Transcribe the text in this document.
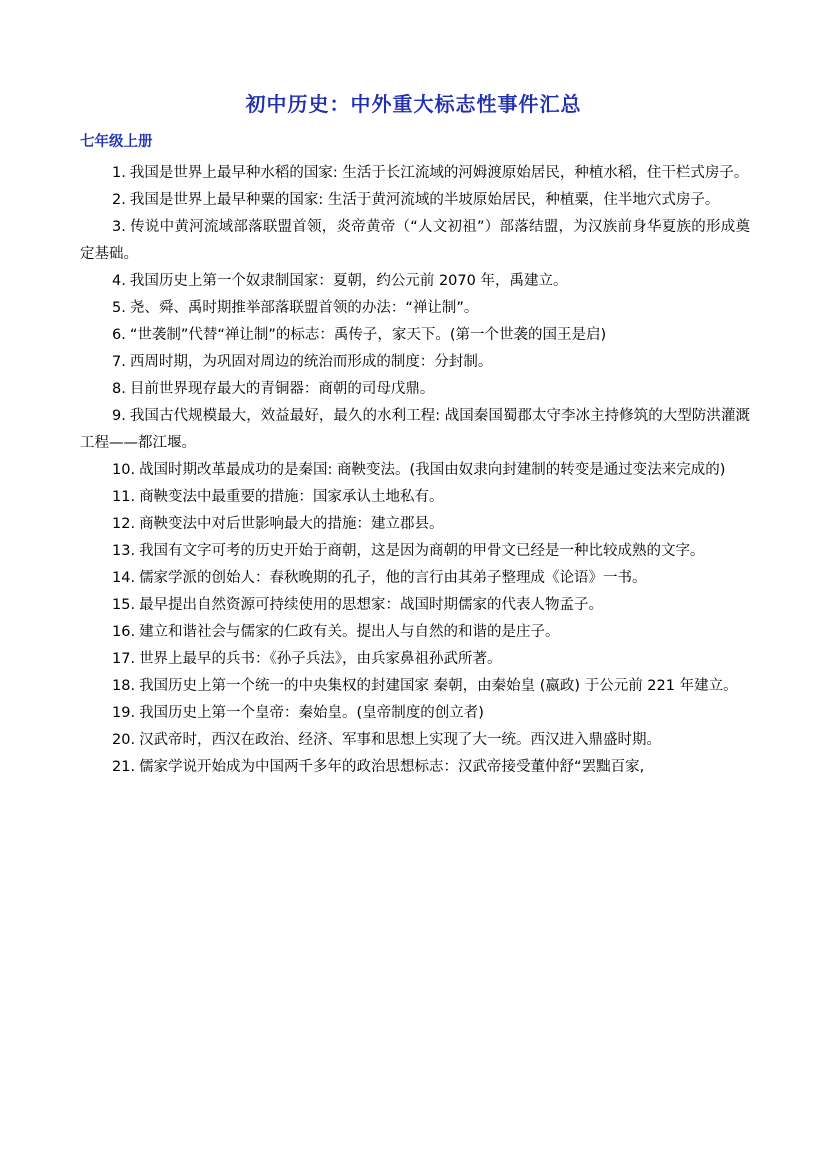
初中历史：中外重大标志性事件汇总
七年级上册

1. 我国是世界上最早种水稻的国家: 生活于长江流域的河姆渡原始居民，种植水稻，住干栏式房子。

2. 我国是世界上最早种粟的国家: 生活于黄河流域的半坡原始居民，种植粟，住半地穴式房子。

3. 传说中黄河流域部落联盟首领，炎帝黄帝（“人文初祖”）部落结盟，为汉族前身华夏族的形成奠定基础。

4. 我国历史上第一个奴隶制国家：夏朝，约公元前 2070 年，禹建立。

5. 尧、舜、禹时期推举部落联盟首领的办法：“禅让制”。

6. “世袭制”代替“禅让制”的标志：禹传子，家天下。(第一个世袭的国王是启)

7. 西周时期，为巩固对周边的统治而形成的制度：分封制。

8. 目前世界现存最大的青铜器：商朝的司母戊鼎。

9. 我国古代规模最大，效益最好，最久的水利工程: 战国秦国蜀郡太守李冰主持修筑的大型防洪灌溉工程——都江堰。

10. 战国时期改革最成功的是秦国: 商鞅变法。(我国由奴隶向封建制的转变是通过变法来完成的)

11. 商鞅变法中最重要的措施：国家承认土地私有。

12. 商鞅变法中对后世影响最大的措施：建立郡县。

13. 我国有文字可考的历史开始于商朝，这是因为商朝的甲骨文已经是一种比较成熟的文字。

14. 儒家学派的创始人：春秋晚期的孔子，他的言行由其弟子整理成《论语》一书。

15. 最早提出自然资源可持续使用的思想家：战国时期儒家的代表人物孟子。

16. 建立和谐社会与儒家的仁政有关。提出人与自然的和谐的是庄子。

17. 世界上最早的兵书：《孙子兵法》，由兵家鼻祖孙武所著。

18. 我国历史上第一个统一的中央集权的封建国家 秦朝，由秦始皇 (嬴政) 于公元前 221 年建立。

19. 我国历史上第一个皇帝：秦始皇。(皇帝制度的创立者)

20. 汉武帝时，西汉在政治、经济、军事和思想上实现了大一统。西汉进入鼎盛时期。

21. 儒家学说开始成为中国两千多年的政治思想标志：汉武帝接受董仲舒“罢黜百家,
